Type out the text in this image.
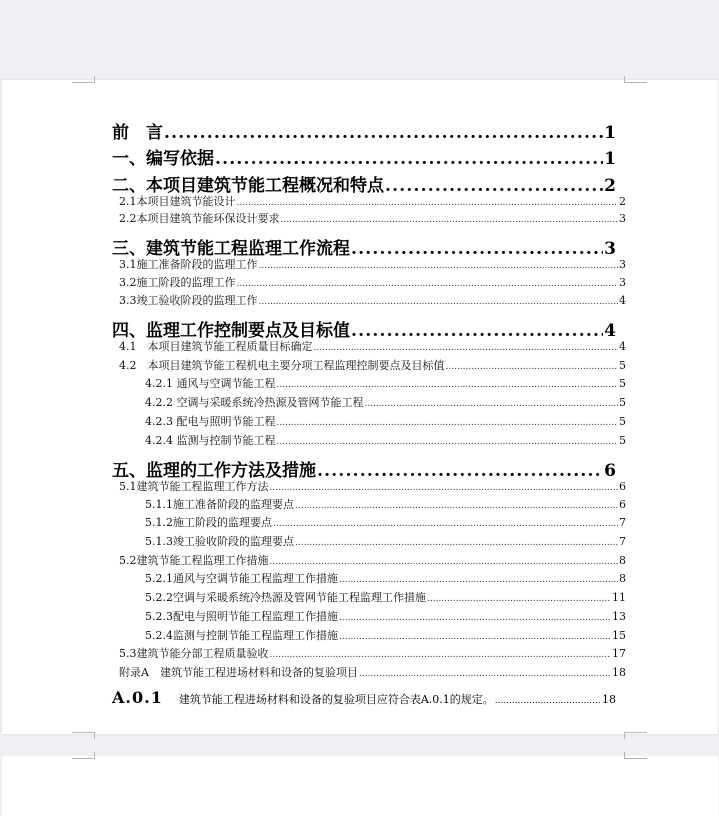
前　言 .....	1
一、编写依据 .....	1
二、本项目建筑节能工程概况和特点 .....	2
2.1本项目建筑节能设计 .....	2
2.2本项目建筑节能环保设计要求 .....	3
三、建筑节能工程监理工作流程 .....	3
3.1施工准备阶段的监理工作 .....	3
3.2施工阶段的监理工作 .....	3
3.3竣工验收阶段的监理工作 .....	4
四、监理工作控制要点及目标值 .....	4
4.1　本项目建筑节能工程质量目标确定 .....	4
4.2　本项目建筑节能工程机电主要分项工程监理控制要点及目标值 .....	5
4.2.1 通风与空调节能工程 .....	5
4.2.2 空调与采暖系统冷热源及管网节能工程 .....	5
4.2.3 配电与照明节能工程 .....	5
4.2.4 监测与控制节能工程 .....	5
五、监理的工作方法及措施 .....	6
5.1建筑节能工程监理工作方法 .....	6
5.1.1施工准备阶段的监理要点 .....	6
5.1.2施工阶段的监理要点 .....	7
5.1.3竣工验收阶段的监理要点 .....	7
5.2建筑节能工程监理工作措施 .....	8
5.2.1通风与空调节能工程监理工作措施 .....	8
5.2.2空调与采暖系统冷热源及管网节能工程监理工作措施 .....	11
5.2.3配电与照明节能工程监理工作措施 .....	13
5.2.4监测与控制节能工程监理工作措施 .....	15
5.3建筑节能分部工程质量验收 .....	17
附录A　建筑节能工程进场材料和设备的复验项目 .....	18
A.0.1 建筑节能工程进场材料和设备的复验项目应符合表A.0.1的规定。 .....	18
